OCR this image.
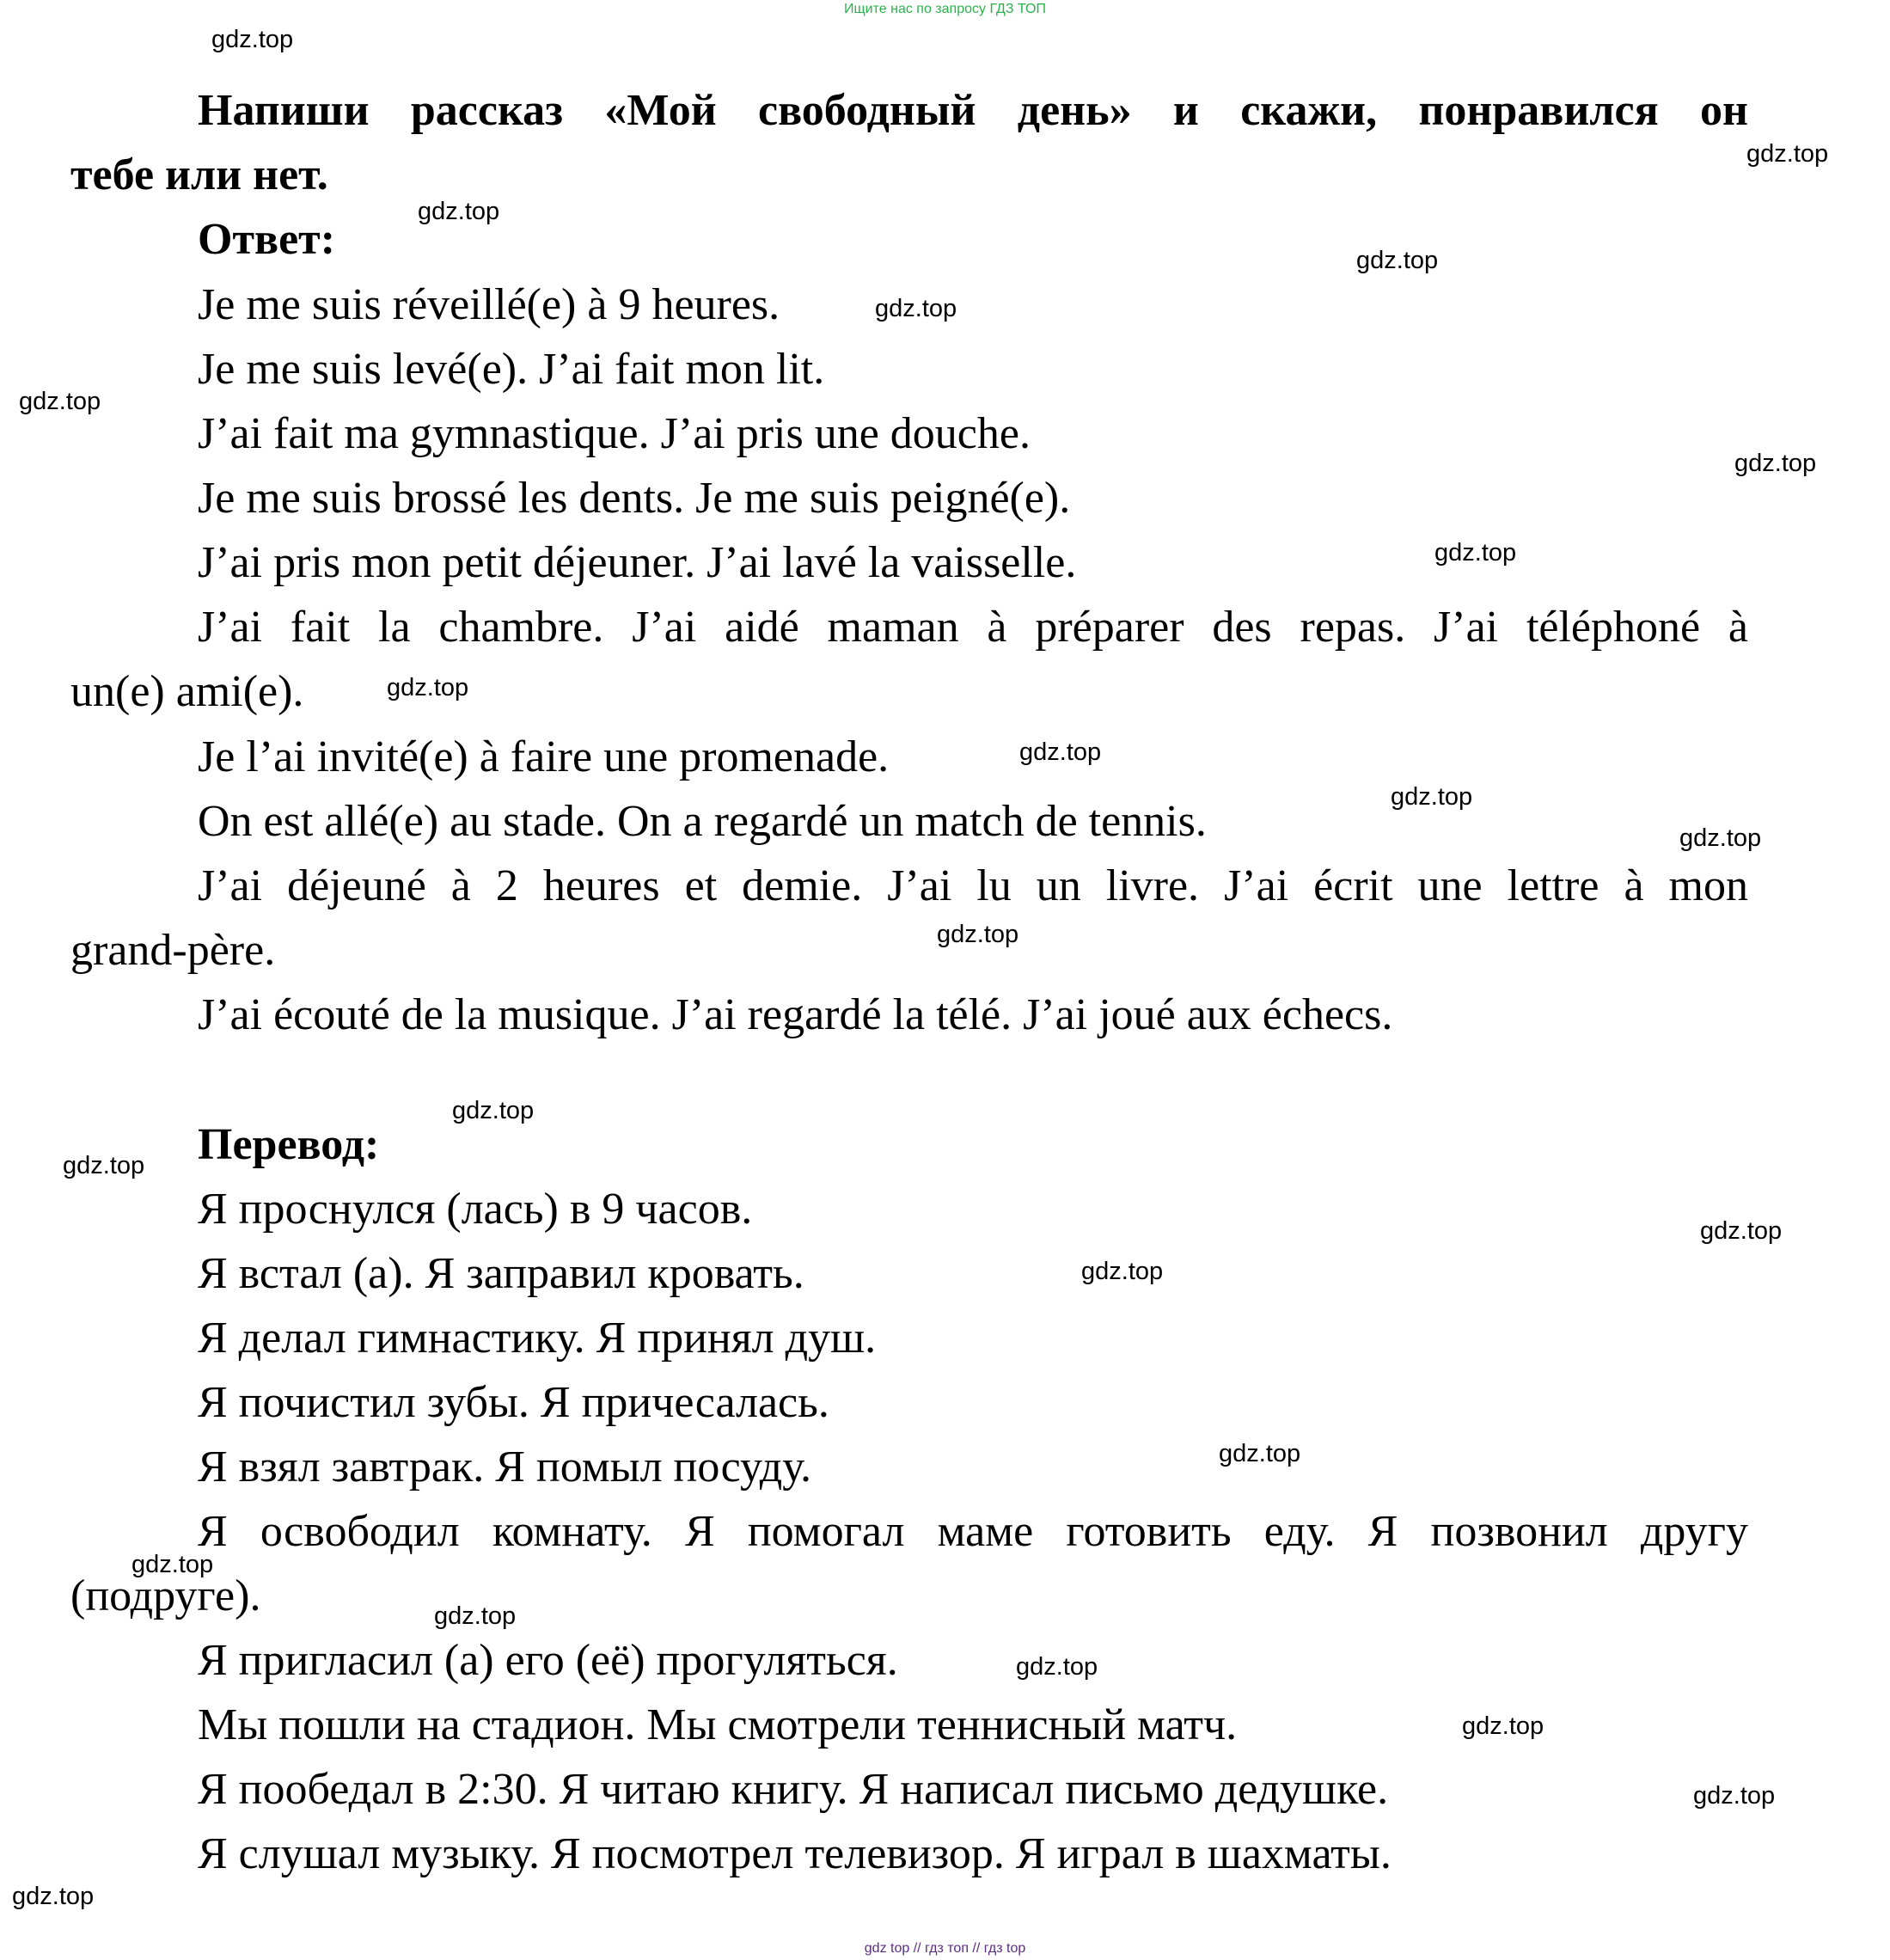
Ищите нас по запросу ГДЗ ТОП
gdz top // гдз топ // гдз top
Напиши рассказ «Мой свободный день» и скажи, понравился он
тебе или нет.
Ответ:
Je me suis réveillé(e) à 9 heures.
Je me suis levé(e). J’ai fait mon lit.
J’ai fait ma gymnastique. J’ai pris une douche.
Je me suis brossé les dents. Je me suis peigné(e).
J’ai pris mon petit déjeuner. J’ai lavé la vaisselle.
J’ai fait la chambre. J’ai aidé maman à préparer des repas. J’ai téléphoné à
un(e) ami(e).
Je l’ai invité(e) à faire une promenade.
On est allé(e) au stade. On a regardé un match de tennis.
J’ai déjeuné à 2 heures et demie. J’ai lu un livre. J’ai écrit une lettre à mon
grand-père.
J’ai écouté de la musique. J’ai regardé la télé. J’ai joué aux échecs.
Перевод:
Я проснулся (лась) в 9 часов.
Я встал (а). Я заправил кровать.
Я делал гимнастику. Я принял душ.
Я почистил зубы. Я причесалась.
Я взял завтрак. Я помыл посуду.
Я освободил комнату. Я помогал маме готовить еду. Я позвонил другу
(подруге).
Я пригласил (а) его (её) прогуляться.
Мы пошли на стадион. Мы смотрели теннисный матч.
Я пообедал в 2:30. Я читаю книгу. Я написал письмо дедушке.
Я слушал музыку. Я посмотрел телевизор. Я играл в шахматы.
gdz.top
gdz.top
gdz.top
gdz.top
gdz.top
gdz.top
gdz.top
gdz.top
gdz.top
gdz.top
gdz.top
gdz.top
gdz.top
gdz.top
gdz.top
gdz.top
gdz.top
gdz.top
gdz.top
gdz.top
gdz.top
gdz.top
gdz.top
gdz.top
